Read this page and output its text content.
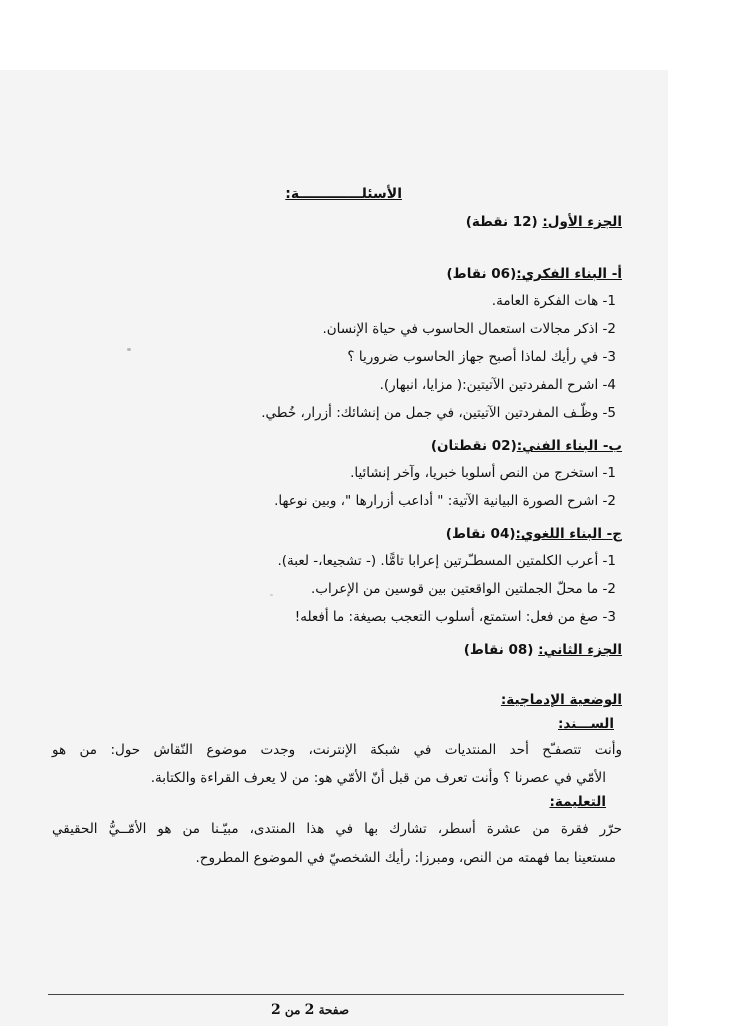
الأسئلـــــــــــــة:
الجزء الأول: (12 نقطة)
أ- البناء الفكري:(06 نقاط)
1- هات الفكرة العامة.
2- اذكر مجالات استعمال الحاسوب في حياة الإنسان.
3- في رأيك لماذا أصبح جهاز الحاسوب ضروريا ؟
4- اشرح المفردتين الآتيتين:( مزايا، انبهار).
5- وظّـف المفردتين الآتيتين، في جمل من إنشائك: أزرار، خُطي.
ب- البناء الفني:(02 نقطتان)
1- استخرج من النص أسلوبا خبريا، وآخر إنشائيا.
2- اشرح الصورة البيانية الآتية: " أداعب أزرارها "، وبين نوعها.
ج- البناء اللغوي:(04 نقاط)
1- أعرب الكلمتين المسطـّرتين إعرابا تامًّا. (- تشجيعا،- لعبة).
2- ما محلّ الجملتين الواقعتين بين قوسين من الإعراب.
3- صغ من فعل: استمتع، أسلوب التعجب بصيغة: ما أفعله!
الجزء الثاني: (08 نقاط)
الوضعية الإدماجية:
الســـند:
وأنت تتصفـّح أحد المنتديات في شبكة الإنترنت، وجدت موضوع النّقاش حول: من هو
الأمّي في عصرنا ؟ وأنت تعرف من قبل أنّ الأمّي هو: من لا يعرف القراءة والكتابة.
التعليمة:
حرّر فقرة من عشرة أسطر، تشارك بها في هذا المنتدى، مبيّـنا من هو الأمّــيُّ الحقيقي
مستعينا بما فهمته من النص، ومبرزا: رأيك الشخصيّ في الموضوع المطروح.
صفحة 2 من 2
